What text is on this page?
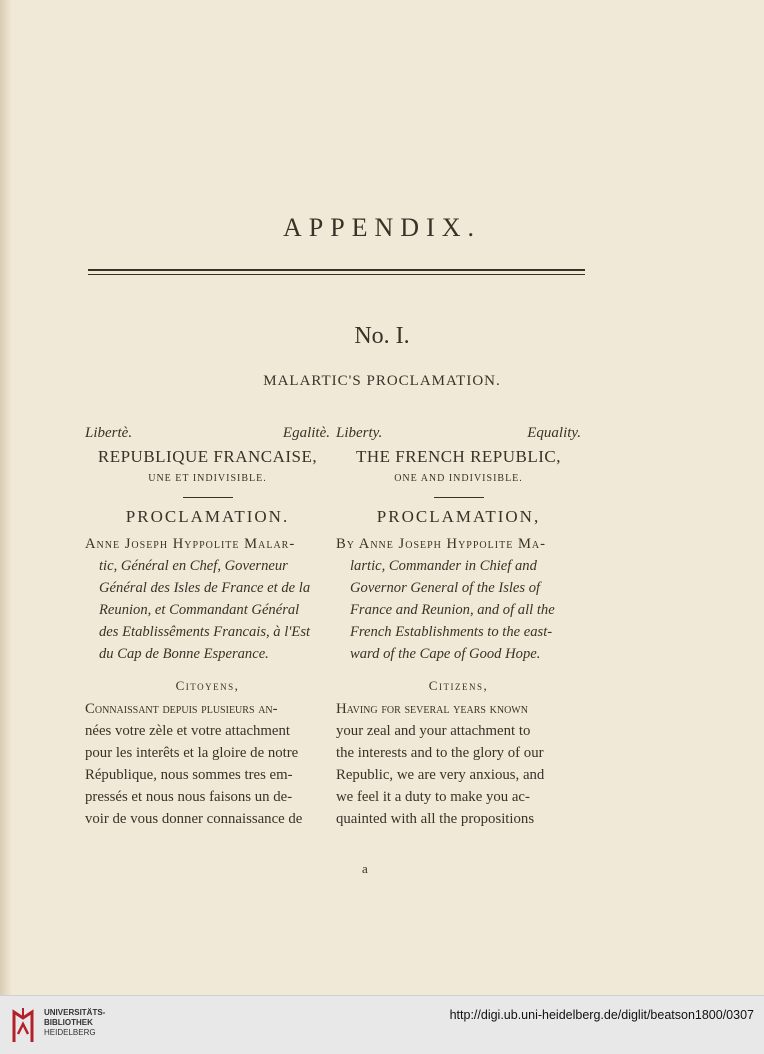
APPENDIX.
No. I.
MALARTIC'S PROCLAMATION.
Libertè.	Egalitè.
REPUBLIQUE FRANCAISE,
UNE ET INDIVISIBLE.
PROCLAMATION.
Anne Joseph Hyppolite Malar-
tic, Général en Chef, Governeur
Général des Isles de France et de la
Reunion, et Commandant Général
des Etablissêments Francais, à l'Est
du Cap de Bonne Esperance.
Citoyens,
Connaissant depuis plusieurs an-
nées votre zèle et votre attachment
pour les interêts et la gloire de notre
République, nous sommes tres em-
pressés et nous nous faisons un de-
voir de vous donner connaissance de
Liberty.	Equality.
THE FRENCH REPUBLIC,
ONE AND INDIVISIBLE.
PROCLAMATION,
By Anne Joseph Hyppolite Ma-
lartic, Commander in Chief and
Governor General of the Isles of
France and Reunion, and of all the
French Establishments to the east-
ward of the Cape of Good Hope.
Citizens,
Having for several years known
your zeal and your attachment to
the interests and to the glory of our
Republic, we are very anxious, and
we feel it a duty to make you ac-
quainted with all the propositions
a
UNIVERSITÄTS-
BIBLIOTHEK
HEIDELBERG
http://digi.ub.uni-heidelberg.de/diglit/beatson1800/0307
